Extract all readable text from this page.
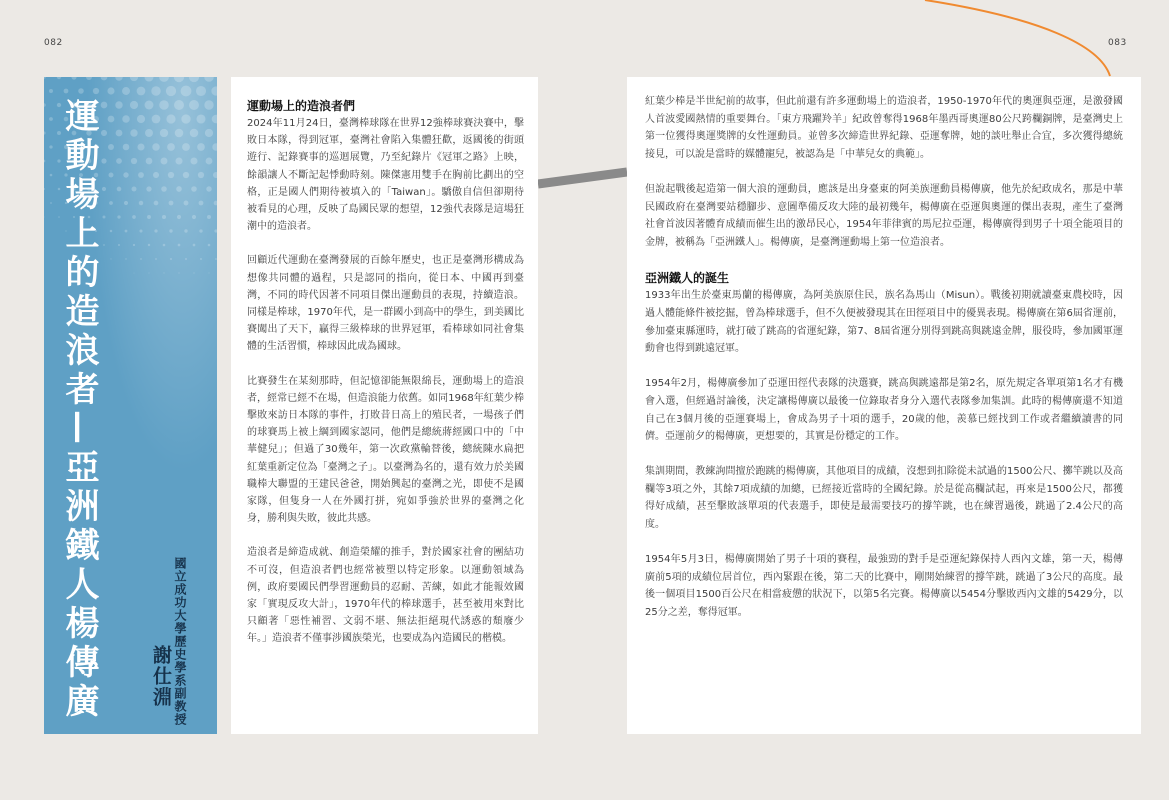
082	083
運動場上的造浪者—亞洲鐵人楊傳廣	國立成功大學歷史學系副教授
謝仕淵
運動場上的造浪者們

2024年11月24日，臺灣棒球隊在世界12強棒球賽決賽中，擊敗日本隊，得到冠軍，臺灣社會陷入集體狂歡，返國後的街頭遊行、記錄賽事的巡迴展覽，乃至紀錄片《冠軍之路》上映，餘韻讓人不斷記起悸動時刻。陳傑憲用雙手在胸前比劃出的空格，正是國人們期待被填入的「Taiwan」。驕傲自信但卻期待被看見的心理，反映了島國民眾的想望，12強代表隊是這場狂潮中的造浪者。

回顧近代運動在臺灣發展的百餘年歷史，也正是臺灣形構成為想像共同體的過程，只是認同的指向，從日本、中國再到臺灣，不同的時代因著不同項目傑出運動員的表現，持續造浪。同樣是棒球，1970年代，是一群國小到高中的學生，到美國比賽闖出了天下，贏得三級棒球的世界冠軍，看棒球如同社會集體的生活習慣，棒球因此成為國球。

比賽發生在某刻那時，但記憶卻能無限綿長，運動場上的造浪者，經常已經不在場，但造浪能力依舊。如同1968年紅葉少棒擊敗來訪日本隊的事件，打敗昔日高上的殖民者，一場孩子們的球賽馬上被上綱到國家認同，他們是總統蔣經國口中的「中華健兒」；但過了30幾年，第一次政黨輪替後，總統陳水扁把紅葉重新定位為「臺灣之子」。以臺灣為名的，還有效力於美國職棒大聯盟的王建民爸爸，開始興起的臺灣之光，即使不是國家隊，但隻身一人在外國打拼，宛如爭強於世界的臺灣之化身，勝利與失敗，彼此共感。

造浪者是締造成就、創造榮耀的推手，對於國家社會的團結功不可沒，但造浪者們也經常被塑以特定形象。以運動領域為例，政府要國民們學習運動員的忍耐、苦練，如此才能報效國家「實現反攻大計」，1970年代的棒球選手，甚至被用來對比只顧著「惡性補習、文弱不堪、無法拒絕現代誘惑的頹廢少年。」造浪者不僅事涉國族榮光，也要成為內造國民的楷模。

紅葉少棒是半世紀前的故事，但此前還有許多運動場上的造浪者，1950-1970年代的奧運與亞運，是激發國人首波愛國熱情的重要舞台。「東方飛躍羚羊」紀政曾奪得1968年墨西哥奧運80公尺跨欄銅牌，是臺灣史上第一位獲得奧運獎牌的女性運動員。並曾多次締造世界紀錄、亞運奪牌，她的談吐舉止合宜，多次獲得總統接見，可以說是當時的媒體寵兒，被認為是「中華兒女的典範」。

但說起戰後起造第一個大浪的運動員，應該是出身臺東的阿美族運動員楊傳廣，他先於紀政成名，那是中華民國政府在臺灣要站穩腳步、意圖準備反攻大陸的最初幾年，楊傳廣在亞運與奧運的傑出表現，產生了臺灣社會首波因著體育成績而催生出的激昂民心，1954年菲律賓的馬尼拉亞運，楊傳廣得到男子十項全能項目的金牌，被稱為「亞洲鐵人」。楊傳廣，是臺灣運動場上第一位造浪者。

亞洲鐵人的誕生

1933年出生於臺東馬蘭的楊傳廣，為阿美族原住民，族名為馬山（Misun）。戰後初期就讀臺東農校時，因過人體能條件被挖掘，曾為棒球選手，但不久便被發現其在田徑項目中的優異表現。楊傳廣在第6屆省運前，參加臺東縣運時，就打破了跳高的省運紀錄，第7、8屆省運分別得到跳高與跳遠金牌，服役時，參加國軍運動會也得到跳遠冠軍。

1954年2月，楊傳廣參加了亞運田徑代表隊的決選賽，跳高與跳遠都是第2名，原先規定各單項第1名才有機會入選，但經過討論後，決定讓楊傳廣以最後一位錄取者身分入選代表隊參加集訓。此時的楊傳廣還不知道自己在3個月後的亞運賽場上，會成為男子十項的選手，20歲的他，羨慕已經找到工作或者繼續讀書的同儕。亞運前夕的楊傳廣，更想要的，其實是份穩定的工作。

集訓期間，教練詢問擅於跑跳的楊傳廣，其他項目的成績，沒想到扣除從未試過的1500公尺、擲竿跳以及高欄等3項之外，其餘7項成績的加總，已經接近當時的全國紀錄。於是從高欄試起，再來是1500公尺，都獲得好成績，甚至擊敗該單項的代表選手，即使是最需要技巧的撐竿跳，也在練習過後，跳過了2.4公尺的高度。

1954年5月3日，楊傳廣開始了男子十項的賽程，最強勁的對手是亞運紀錄保持人西內文雄，第一天，楊傳廣前5項的成績位居首位，西內緊跟在後，第二天的比賽中，剛開始練習的撐竿跳，跳過了3公尺的高度。最後一個項目1500百公尺在相當疲憊的狀況下，以第5名完賽。楊傳廣以5454分擊敗西內文雄的5429分，以25分之差，奪得冠軍。
